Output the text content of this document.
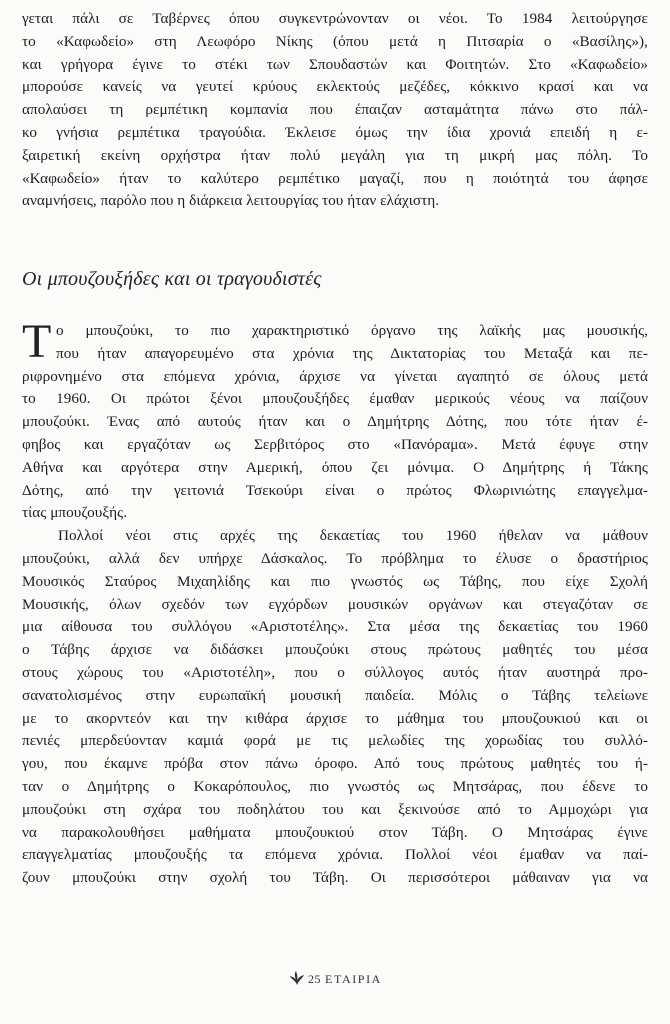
γεται πάλι σε Ταβέρνες όπου συγκεντρώνονταν οι νέοι. Το 1984 λειτούργησε
το «Καφωδείο» στη Λεωφόρο Νίκης (όπου μετά η Πιτσαρία ο «Βασίλης»),
και γρήγορα έγινε το στέκι των Σπουδαστών και Φοιτητών. Στο «Καφωδείο»
μπορούσε κανείς να γευτεί κρύους εκλεκτούς μεζέδες, κόκκινο κρασί και να
απολαύσει τη ρεμπέτικη κομπανία που έπαιζαν ασταμάτητα πάνω στο πάλ-
κο γνήσια ρεμπέτικα τραγούδια. Έκλεισε όμως την ίδια χρονιά επειδή η ε-
ξαιρετική εκείνη ορχήστρα ήταν πολύ μεγάλη για τη μικρή μας πόλη. Το
«Καφωδείο» ήταν το καλύτερο ρεμπέτικο μαγαζί, που η ποιότητά του άφησε
αναμνήσεις, παρόλο που η διάρκεια λειτουργίας του ήταν ελάχιστη.
Οι μπουζουξήδες και οι τραγουδιστές
Τ ο μπουζούκι, το πιο χαρακτηριστικό όργανο της λαϊκής μας μουσικής,
που ήταν απαγορευμένο στα χρόνια της Δικτατορίας του Μεταξά και πε-
ριφρονημένο στα επόμενα χρόνια, άρχισε να γίνεται αγαπητό σε όλους μετά
το 1960. Οι πρώτοι ξένοι μπουζουξήδες έμαθαν μερικούς νέους να παίζουν
μπουζούκι. Ένας από αυτούς ήταν και ο Δημήτρης Δότης, που τότε ήταν έ-
φηβος και εργαζόταν ως Σερβιτόρος στο «Πανόραμα». Μετά έφυγε στην
Αθήνα και αργότερα στην Αμερική, όπου ζει μόνιμα. Ο Δημήτρης ή Τάκης
Δότης, από την γειτονιά Τσεκούρι είναι ο πρώτος Φλωρινιώτης επαγγελμα-
τίας μπουζουξής.
Πολλοί νέοι στις αρχές της δεκαετίας του 1960 ήθελαν να μάθουν
μπουζούκι, αλλά δεν υπήρχε Δάσκαλος. Το πρόβλημα το έλυσε ο δραστήριος
Μουσικός Σταύρος Μιχαηλίδης και πιο γνωστός ως Τάβης, που είχε Σχολή
Μουσικής, όλων σχεδόν των εγχόρδων μουσικών οργάνων και στεγαζόταν σε
μια αίθουσα του συλλόγου «Αριστοτέλης». Στα μέσα της δεκαετίας του 1960
ο Τάβης άρχισε να διδάσκει μπουζούκι στους πρώτους μαθητές του μέσα
στους χώρους του «Αριστοτέλη», που ο σύλλογος αυτός ήταν αυστηρά προ-
σανατολισμένος στην ευρωπαϊκή μουσική παιδεία. Μόλις ο Τάβης τελείωνε
με το ακορντεόν και την κιθάρα άρχισε το μάθημα του μπουζουκιού και οι
πενιές μπερδεύονταν καμιά φορά με τις μελωδίες της χορωδίας του συλλό-
γου, που έκαμνε πρόβα στον πάνω όροφο. Από τους πρώτους μαθητές του ή-
ταν ο Δημήτρης ο Κοκαρόπουλος, πιο γνωστός ως Μητσάρας, που έδενε το
μπουζούκι στη σχάρα του ποδηλάτου του και ξεκινούσε από το Αμμοχώρι για
να παρακολουθήσει μαθήματα μπουζουκιού στον Τάβη. Ο Μητσάρας έγινε
επαγγελματίας μπουζουξής τα επόμενα χρόνια. Πολλοί νέοι έμαθαν να παί-
ζουν μπουζούκι στην σχολή του Τάβη. Οι περισσότεροι μάθαιναν για να
25 ΕΤΑΙΡΙΑ
